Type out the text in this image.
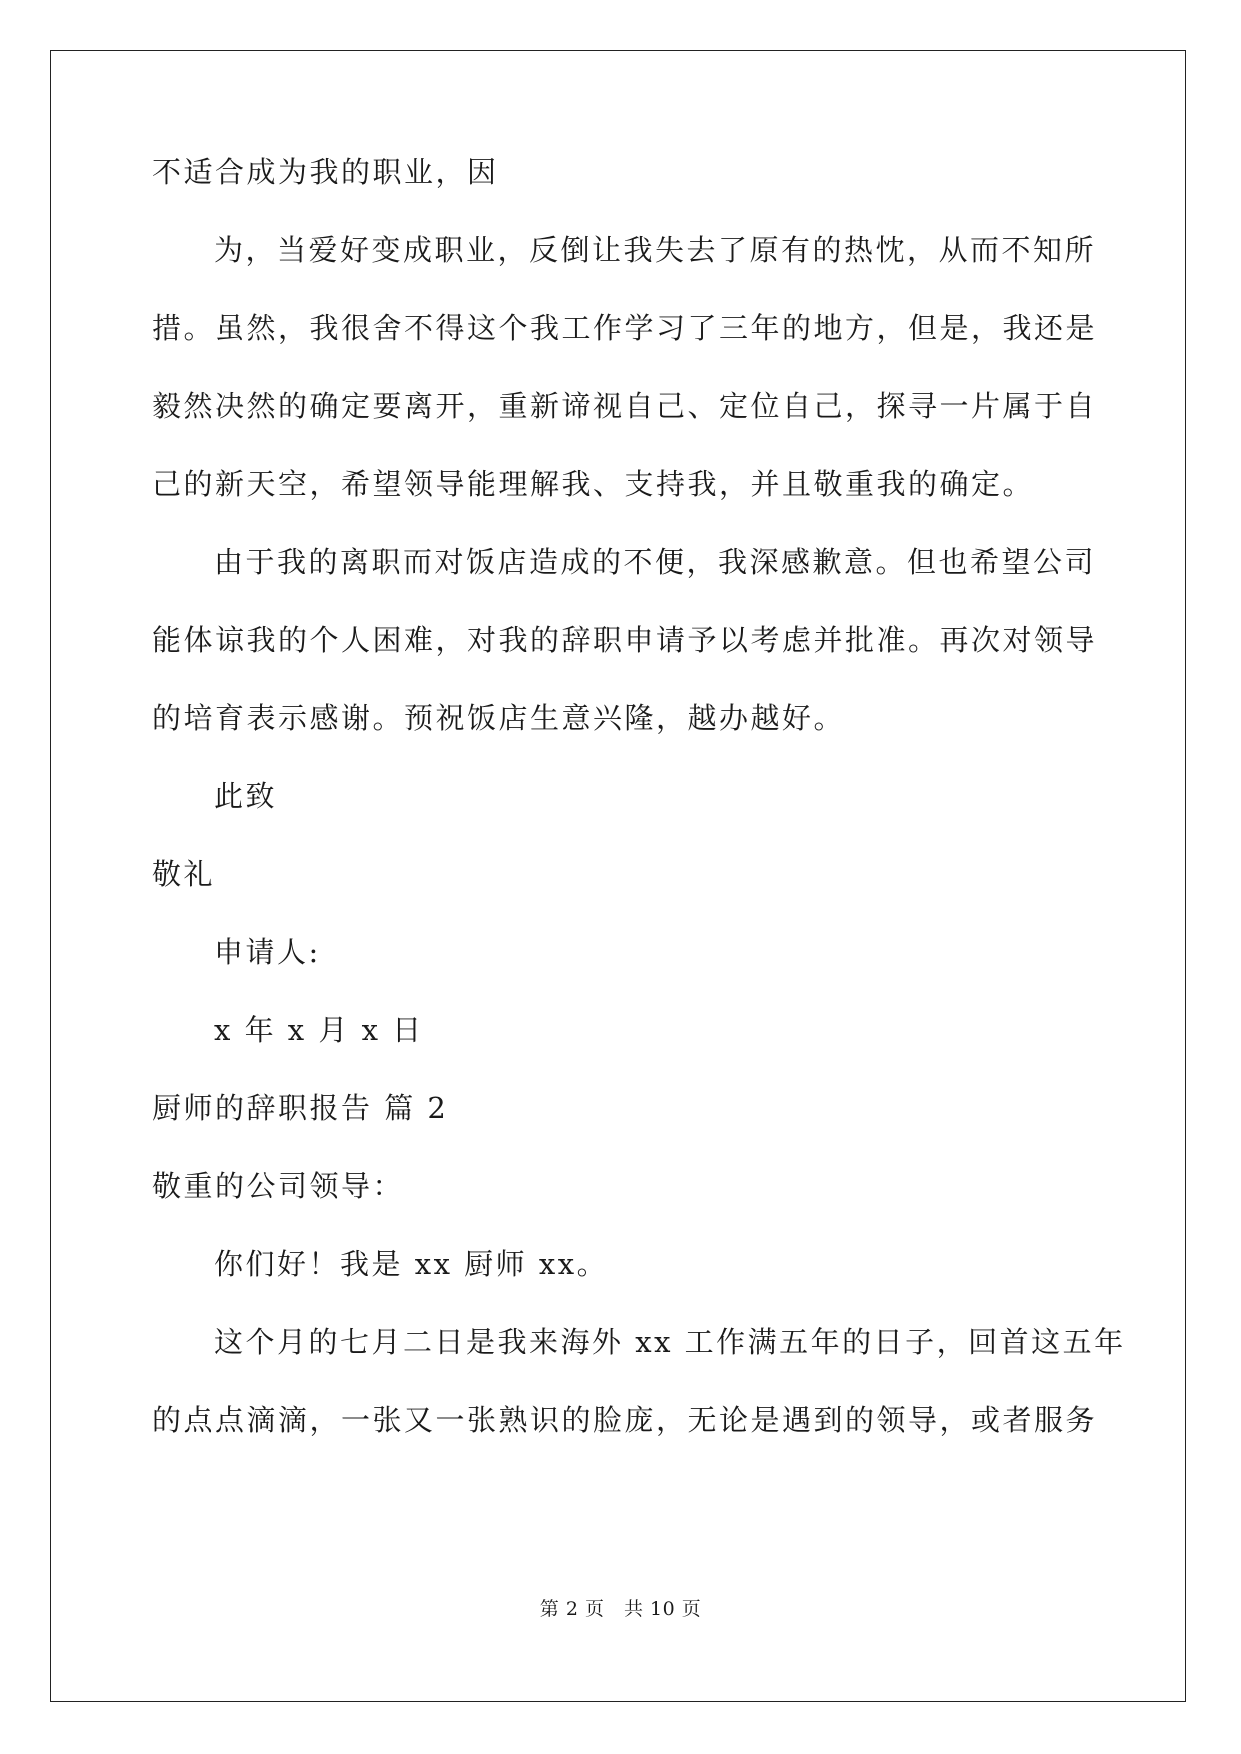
不适合成为我的职业，因
为，当爱好变成职业，反倒让我失去了原有的热忱，从而不知所
措。虽然，我很舍不得这个我工作学习了三年的地方，但是，我还是
毅然决然的确定要离开，重新谛视自己、定位自己，探寻一片属于自
己的新天空，希望领导能理解我、支持我，并且敬重我的确定。
由于我的离职而对饭店造成的不便，我深感歉意。但也希望公司
能体谅我的个人困难，对我的辞职申请予以考虑并批准。再次对领导
的培育表示感谢。预祝饭店生意兴隆，越办越好。
此致
敬礼
申请人:
x 年 x 月 x 日
厨师的辞职报告 篇 2
敬重的公司领导：
你们好！我是 xx 厨师 xx。
这个月的七月二日是我来海外 xx 工作满五年的日子，回首这五年
的点点滴滴，一张又一张熟识的脸庞，无论是遇到的领导，或者服务
第 2 页　共 10 页
